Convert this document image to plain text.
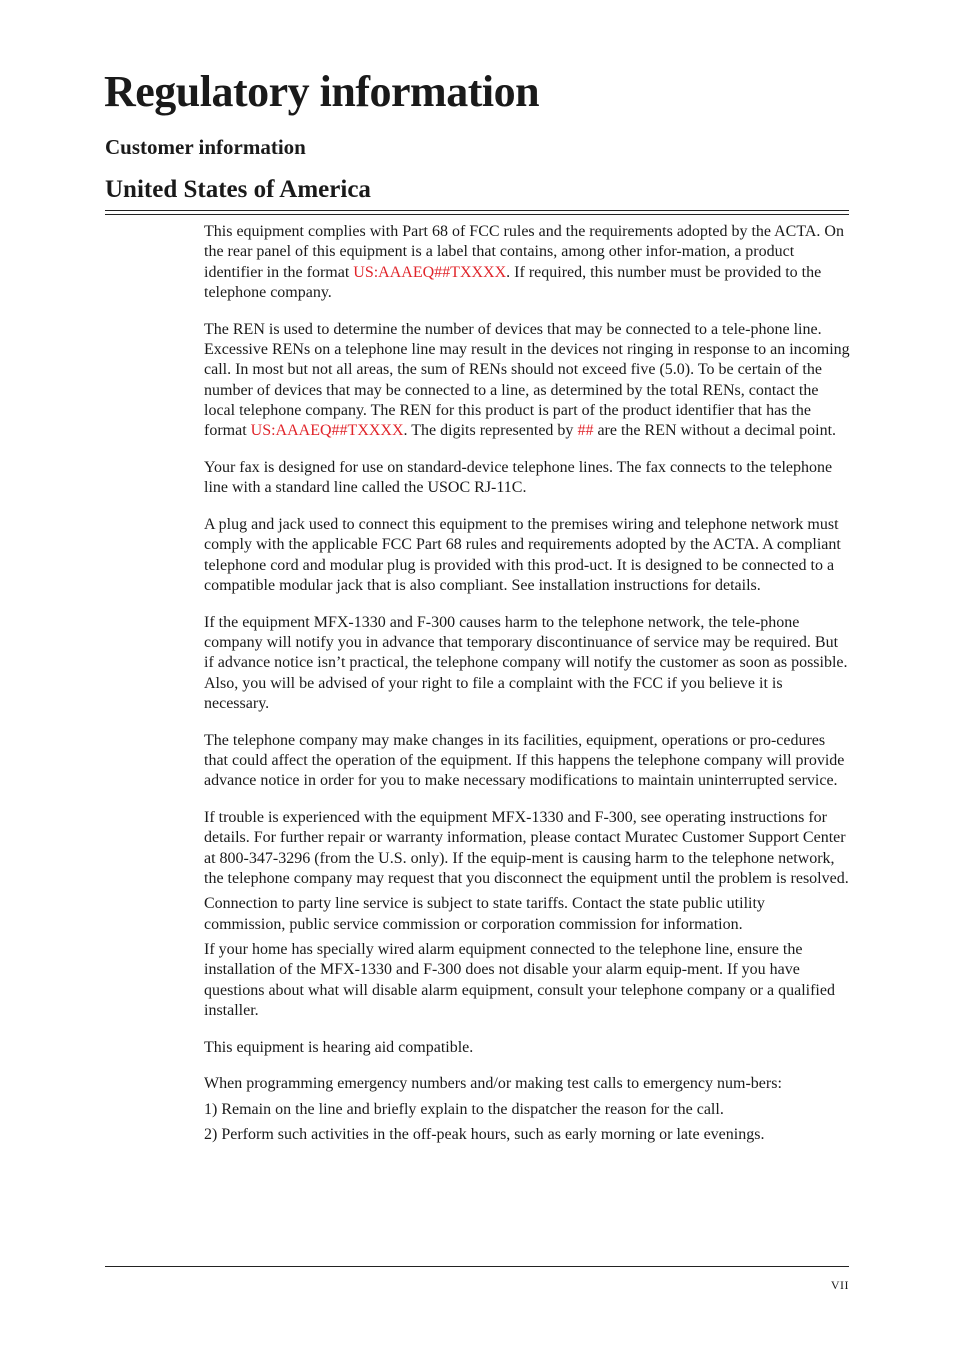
Regulatory information
Customer information
United States of America

This equipment complies with Part 68 of FCC rules and the requirements adopted by the ACTA. On the rear panel of this equipment is a label that contains, among other infor-mation, a product identifier in the format US:AAAEQ##TXXXX. If required, this number must be provided to the telephone company.

The REN is used to determine the number of devices that may be connected to a tele-phone line. Excessive RENs on a telephone line may result in the devices not ringing in response to an incoming call. In most but not all areas, the sum of RENs should not exceed five (5.0). To be certain of the number of devices that may be connected to a line, as determined by the total RENs, contact the local telephone company. The REN for this product is part of the product identifier that has the format US:AAAEQ##TXXXX. The digits represented by ## are the REN without a decimal point.

Your fax is designed for use on standard-device telephone lines. The fax connects to the telephone line with a standard line called the USOC RJ-11C.

A plug and jack used to connect this equipment to the premises wiring and telephone network must comply with the applicable FCC Part 68 rules and requirements adopted by the ACTA. A compliant telephone cord and modular plug is provided with this prod-uct. It is designed to be connected to a compatible modular jack that is also compliant. See installation instructions for details.

If the equipment MFX-1330 and F-300 causes harm to the telephone network, the tele-phone company will notify you in advance that temporary discontinuance of service may be required. But if advance notice isn’t practical, the telephone company will notify the customer as soon as possible. Also, you will be advised of your right to file a complaint with the FCC if you believe it is necessary.

The telephone company may make changes in its facilities, equipment, operations or pro-cedures that could affect the operation of the equipment. If this happens the telephone company will provide advance notice in order for you to make necessary modifications to maintain uninterrupted service.

If trouble is experienced with the equipment MFX-1330 and F-300, see operating instructions for details. For further repair or warranty information, please contact Muratec Customer Support Center at 800-347-3296 (from the U.S. only). If the equip-ment is causing harm to the telephone network, the telephone company may request that you disconnect the equipment until the problem is resolved.

Connection to party line service is subject to state tariffs. Contact the state public utility commission, public service commission or corporation commission for information.

If your home has specially wired alarm equipment connected to the telephone line, ensure the installation of the MFX-1330 and F-300 does not disable your alarm equip-ment. If you have questions about what will disable alarm equipment, consult your telephone company or a qualified installer.

This equipment is hearing aid compatible.

When programming emergency numbers and/or making test calls to emergency num-bers:

1) Remain on the line and briefly explain to the dispatcher the reason for the call.

2) Perform such activities in the off-peak hours, such as early morning or late evenings.

VII
